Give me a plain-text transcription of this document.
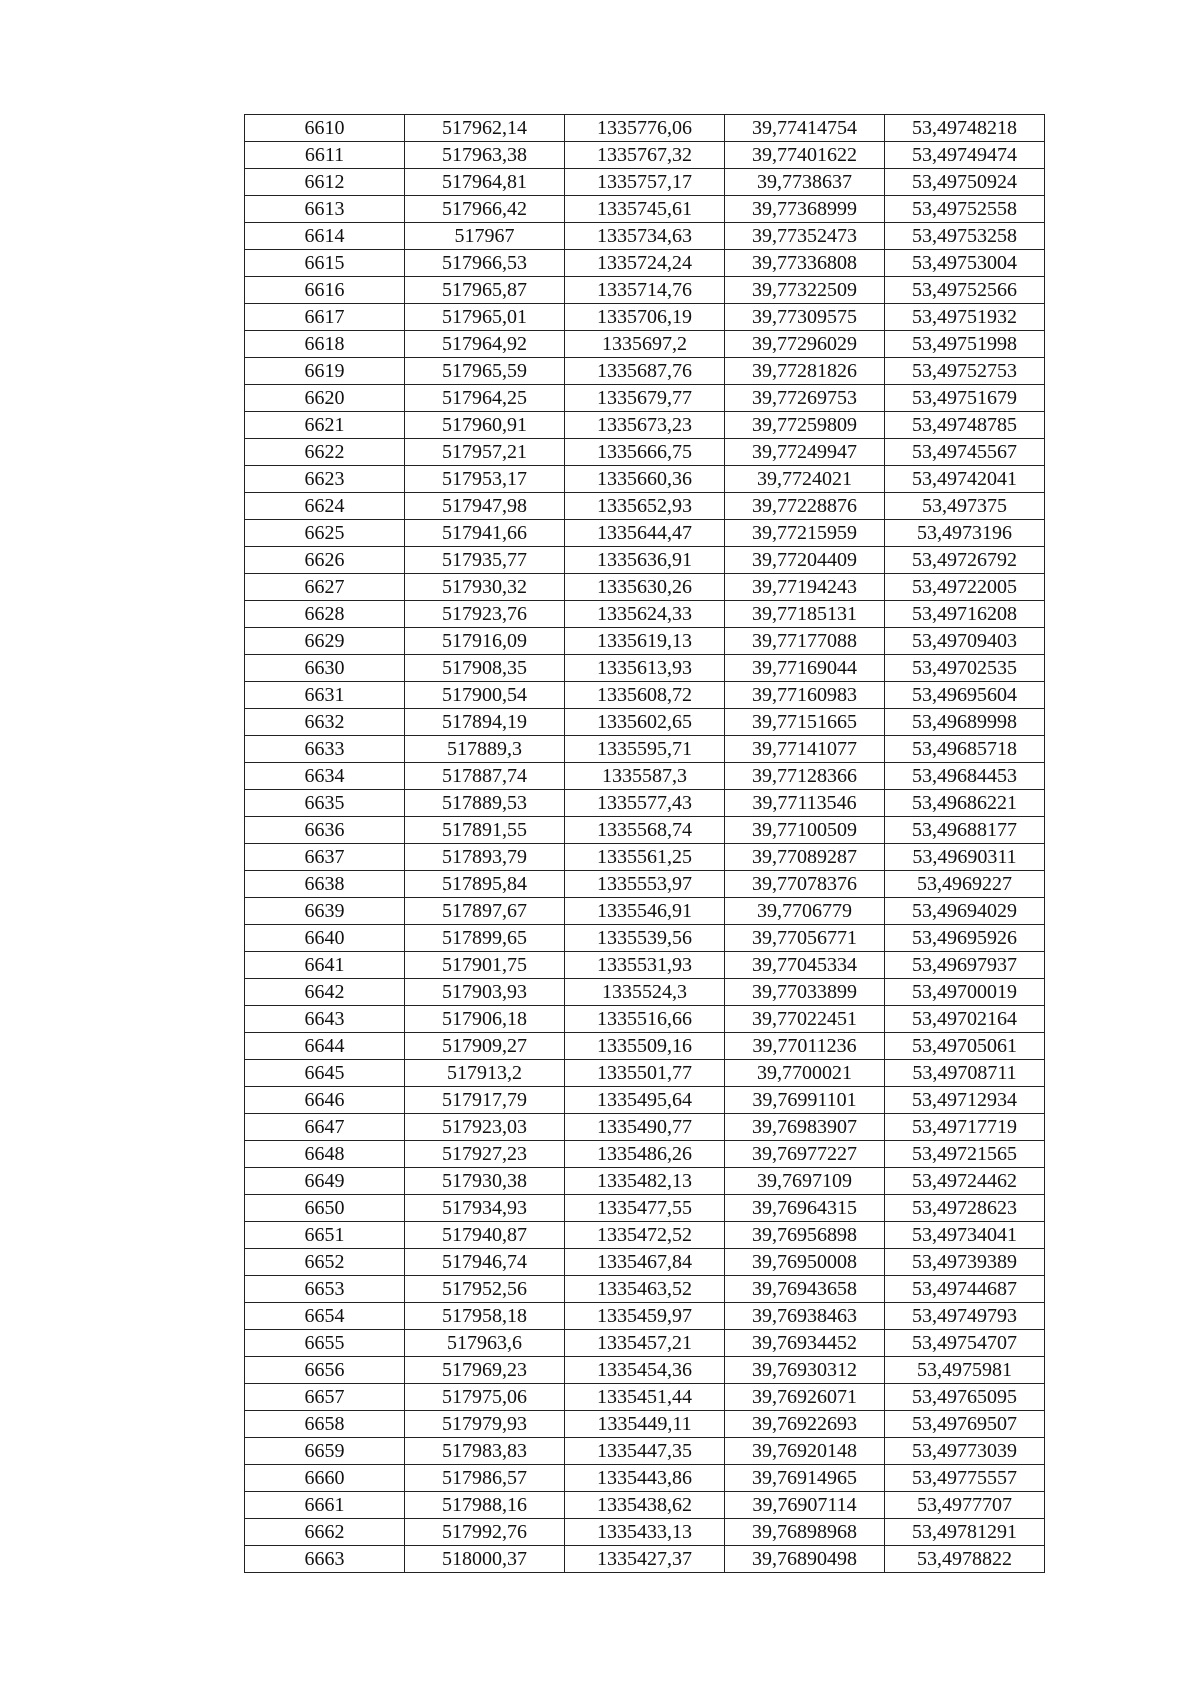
6610	517962,14	1335776,06	39,77414754	53,49748218
6611	517963,38	1335767,32	39,77401622	53,49749474
6612	517964,81	1335757,17	39,7738637	53,49750924
6613	517966,42	1335745,61	39,77368999	53,49752558
6614	517967	1335734,63	39,77352473	53,49753258
6615	517966,53	1335724,24	39,77336808	53,49753004
6616	517965,87	1335714,76	39,77322509	53,49752566
6617	517965,01	1335706,19	39,77309575	53,49751932
6618	517964,92	1335697,2	39,77296029	53,49751998
6619	517965,59	1335687,76	39,77281826	53,49752753
6620	517964,25	1335679,77	39,77269753	53,49751679
6621	517960,91	1335673,23	39,77259809	53,49748785
6622	517957,21	1335666,75	39,77249947	53,49745567
6623	517953,17	1335660,36	39,7724021	53,49742041
6624	517947,98	1335652,93	39,77228876	53,497375
6625	517941,66	1335644,47	39,77215959	53,4973196
6626	517935,77	1335636,91	39,77204409	53,49726792
6627	517930,32	1335630,26	39,77194243	53,49722005
6628	517923,76	1335624,33	39,77185131	53,49716208
6629	517916,09	1335619,13	39,77177088	53,49709403
6630	517908,35	1335613,93	39,77169044	53,49702535
6631	517900,54	1335608,72	39,77160983	53,49695604
6632	517894,19	1335602,65	39,77151665	53,49689998
6633	517889,3	1335595,71	39,77141077	53,49685718
6634	517887,74	1335587,3	39,77128366	53,49684453
6635	517889,53	1335577,43	39,77113546	53,49686221
6636	517891,55	1335568,74	39,77100509	53,49688177
6637	517893,79	1335561,25	39,77089287	53,49690311
6638	517895,84	1335553,97	39,77078376	53,4969227
6639	517897,67	1335546,91	39,7706779	53,49694029
6640	517899,65	1335539,56	39,77056771	53,49695926
6641	517901,75	1335531,93	39,77045334	53,49697937
6642	517903,93	1335524,3	39,77033899	53,49700019
6643	517906,18	1335516,66	39,77022451	53,49702164
6644	517909,27	1335509,16	39,77011236	53,49705061
6645	517913,2	1335501,77	39,7700021	53,49708711
6646	517917,79	1335495,64	39,76991101	53,49712934
6647	517923,03	1335490,77	39,76983907	53,49717719
6648	517927,23	1335486,26	39,76977227	53,49721565
6649	517930,38	1335482,13	39,7697109	53,49724462
6650	517934,93	1335477,55	39,76964315	53,49728623
6651	517940,87	1335472,52	39,76956898	53,49734041
6652	517946,74	1335467,84	39,76950008	53,49739389
6653	517952,56	1335463,52	39,76943658	53,49744687
6654	517958,18	1335459,97	39,76938463	53,49749793
6655	517963,6	1335457,21	39,76934452	53,49754707
6656	517969,23	1335454,36	39,76930312	53,4975981
6657	517975,06	1335451,44	39,76926071	53,49765095
6658	517979,93	1335449,11	39,76922693	53,49769507
6659	517983,83	1335447,35	39,76920148	53,49773039
6660	517986,57	1335443,86	39,76914965	53,49775557
6661	517988,16	1335438,62	39,76907114	53,4977707
6662	517992,76	1335433,13	39,76898968	53,49781291
6663	518000,37	1335427,37	39,76890498	53,4978822
